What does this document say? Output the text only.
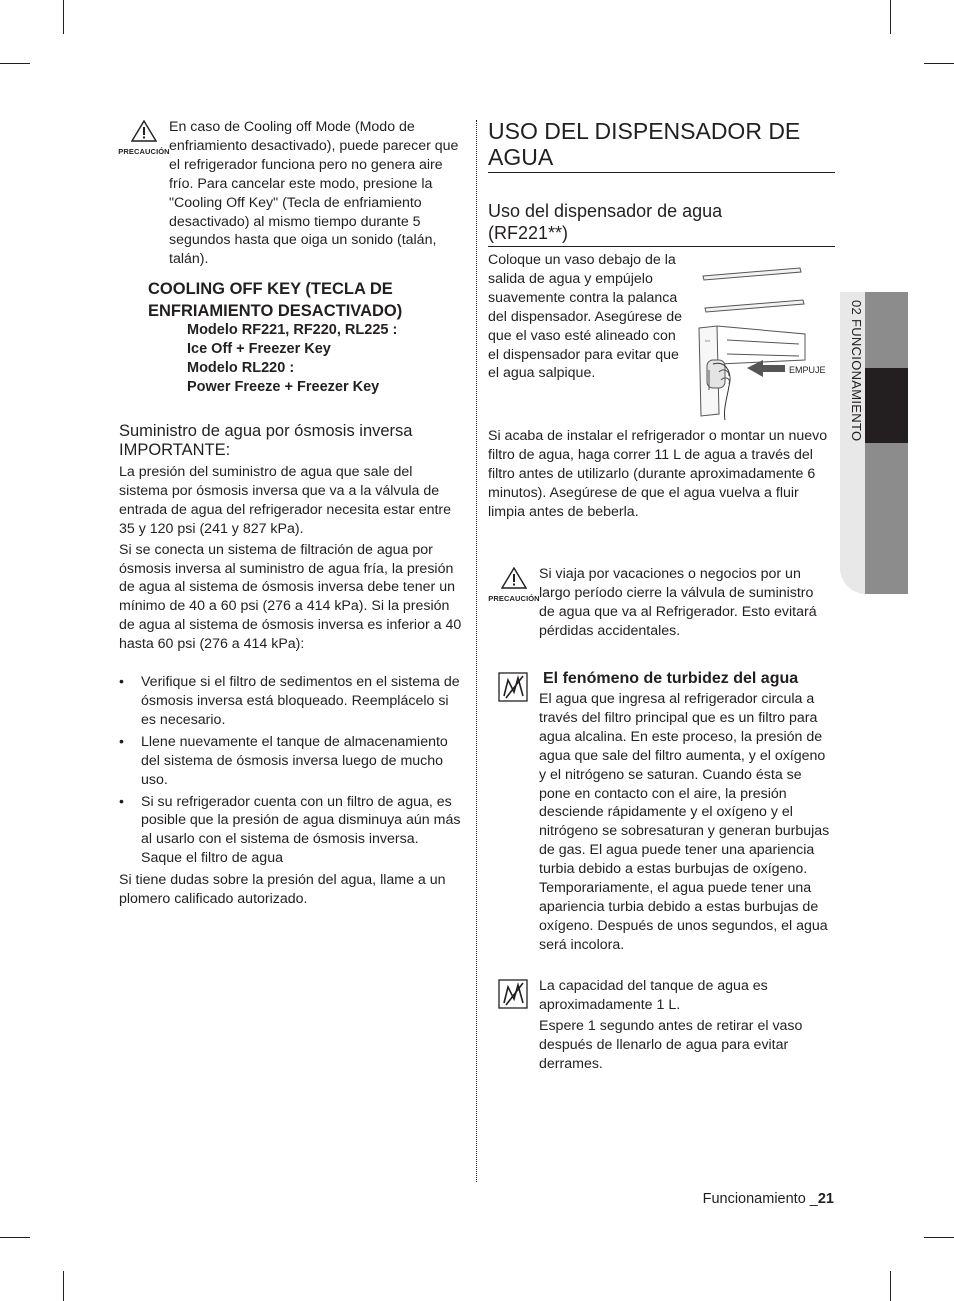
02 FUNCIONAMIENTO
PRECAUCIÓN
En caso de Cooling off Mode (Modo de enfriamiento desactivado), puede parecer que el refrigerador funciona pero no genera aire frío. Para cancelar este modo, presione la "Cooling Off Key" (Tecla de enfriamiento desactivado) al mismo tiempo durante 5 segundos hasta que oiga un sonido (talán, talán).
COOLING OFF KEY (TECLA DE
ENFRIAMIENTO DESACTIVADO)
Modelo RF221, RF220, RL225 :
Ice Off + Freezer Key
Modelo RL220 :
Power Freeze + Freezer Key
Suministro de agua por ósmosis inversa
IMPORTANTE:

La presión del suministro de agua que sale del sistema por ósmosis inversa que va a la válvula de entrada de agua del refrigerador necesita estar entre 35 y 120 psi (241 y 827 kPa).

Si se conecta un sistema de filtración de agua por ósmosis inversa al suministro de agua fría, la presión de agua al sistema de ósmosis inversa debe tener un mínimo de 40 a 60 psi (276 a 414 kPa). Si la presión de agua al sistema de ósmosis inversa es inferior a 40 hasta 60 psi (276 a 414 kPa):

• Verifique si el filtro de sedimentos en el sistema de ósmosis inversa está bloqueado. Reemplácelo si es necesario.
• Llene nuevamente el tanque de almacenamiento del sistema de ósmosis inversa luego de mucho uso.
• Si su refrigerador cuenta con un filtro de agua, es posible que la presión de agua disminuya aún más al usarlo con el sistema de ósmosis inversa. Saque el filtro de agua

Si tiene dudas sobre la presión del agua, llame a un plomero calificado autorizado.

USO DEL DISPENSADOR DE AGUA
Uso del dispensador de agua (RF221**)
Coloque un vaso debajo de la salida de agua y empújelo suavemente contra la palanca del dispensador. Asegúrese de que el vaso esté alineado con el dispensador para evitar que el agua salpique.
Ice
EMPUJE

Si acaba de instalar el refrigerador o montar un nuevo filtro de agua, haga correr 11 L de agua a través del filtro antes de utilizarlo (durante aproximadamente 6 minutos). Asegúrese de que el agua vuelva a fluir limpia antes de beberla.

PRECAUCIÓN
Si viaja por vacaciones o negocios por un largo período cierre la válvula de suministro de agua que va al Refrigerador. Esto evitará pérdidas accidentales.
El fenómeno de turbidez del agua
El agua que ingresa al refrigerador circula a través del filtro principal que es un filtro para agua alcalina. En este proceso, la presión de agua que sale del filtro aumenta, y el oxígeno y el nitrógeno se saturan. Cuando ésta se pone en contacto con el aire, la presión desciende rápidamente y el oxígeno y el nitrógeno se sobresaturan y generan burbujas de gas. El agua puede tener una apariencia turbia debido a estas burbujas de oxígeno. Temporariamente, el agua puede tener una apariencia turbia debido a estas burbujas de oxígeno. Después de unos segundos, el agua será incolora.

La capacidad del tanque de agua es aproximadamente 1 L.

Espere 1 segundo antes de retirar el vaso después de llenarlo de agua para evitar derrames.

Funcionamiento _21
